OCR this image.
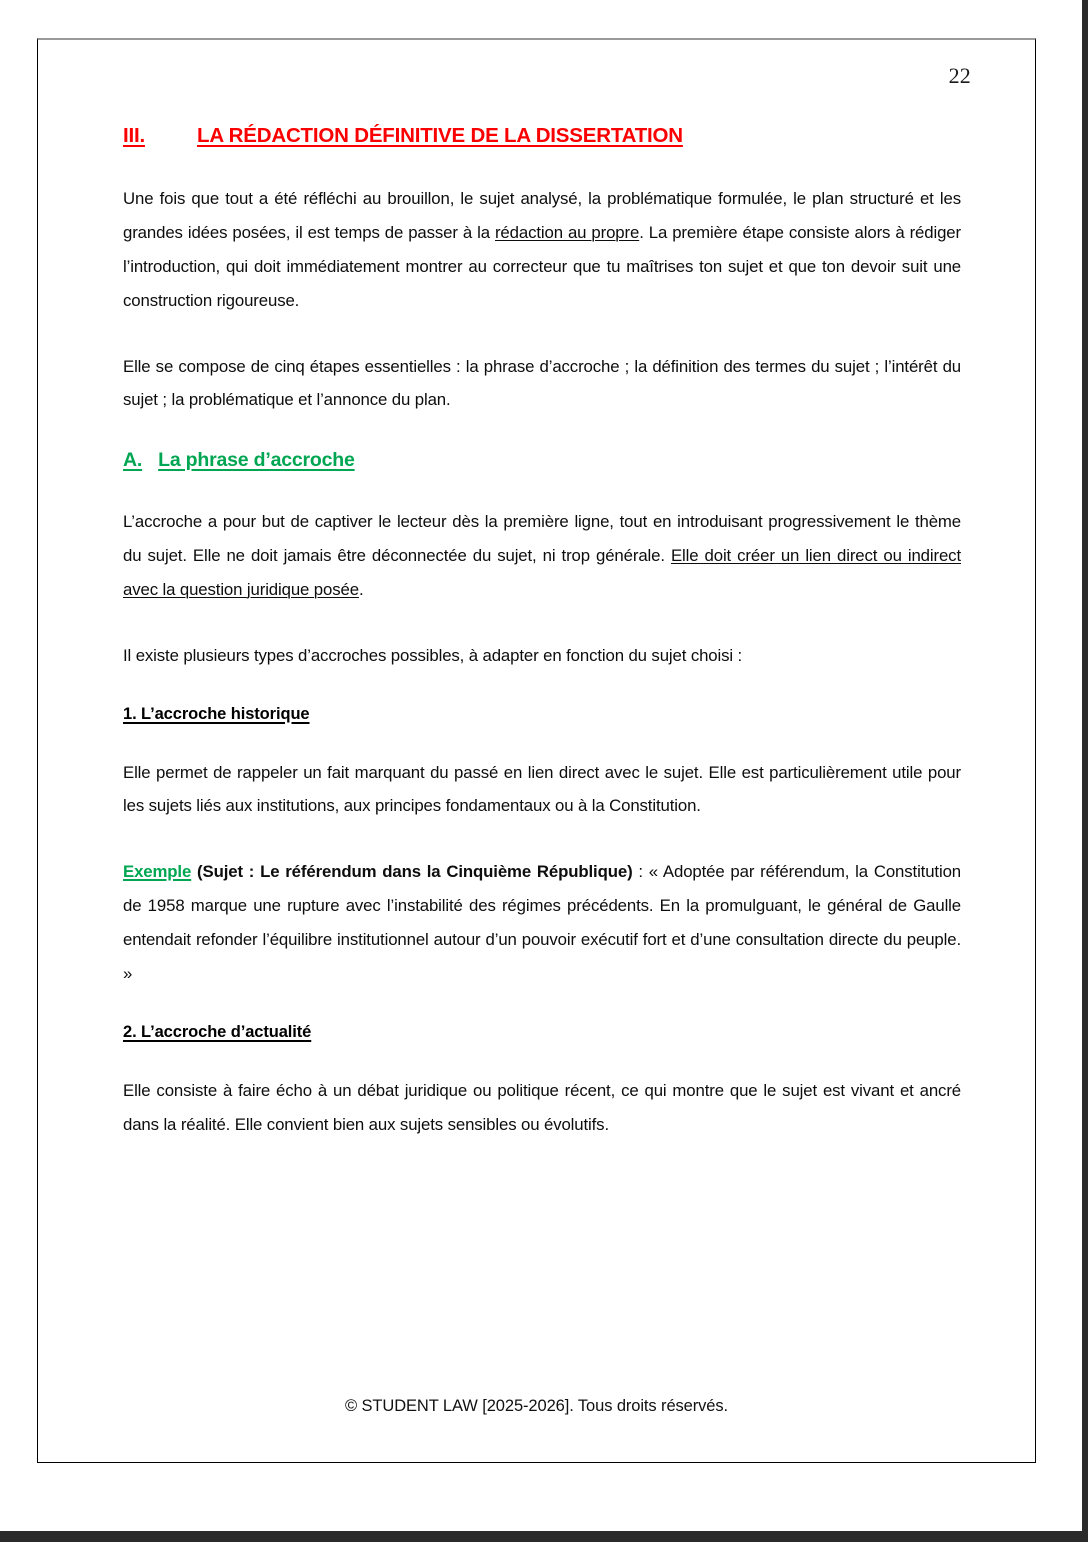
22
III.	LA RÉDACTION DÉFINITIVE DE LA DISSERTATION

Une fois que tout a été réfléchi au brouillon, le sujet analysé, la problématique formulée, le plan structuré et les grandes idées posées, il est temps de passer à la rédaction au propre. La première étape consiste alors à rédiger l’introduction, qui doit immédiatement montrer au correcteur que tu maîtrises ton sujet et que ton devoir suit une construction rigoureuse.

Elle se compose de cinq étapes essentielles : la phrase d’accroche ; la définition des termes du sujet ; l’intérêt du sujet ; la problématique et l’annonce du plan.

A. La phrase d’accroche

L’accroche a pour but de captiver le lecteur dès la première ligne, tout en introduisant progressivement le thème du sujet. Elle ne doit jamais être déconnectée du sujet, ni trop générale. Elle doit créer un lien direct ou indirect avec la question juridique posée.

Il existe plusieurs types d’accroches possibles, à adapter en fonction du sujet choisi :

1. L’accroche historique

Elle permet de rappeler un fait marquant du passé en lien direct avec le sujet. Elle est particulièrement utile pour les sujets liés aux institutions, aux principes fondamentaux ou à la Constitution.

Exemple (Sujet : Le référendum dans la Cinquième République) : « Adoptée par référendum, la Constitution de 1958 marque une rupture avec l’instabilité des régimes précédents. En la promulguant, le général de Gaulle entendait refonder l’équilibre institutionnel autour d’un pouvoir exécutif fort et d’une consultation directe du peuple. »

2. L’accroche d’actualité

Elle consiste à faire écho à un débat juridique ou politique récent, ce qui montre que le sujet est vivant et ancré dans la réalité. Elle convient bien aux sujets sensibles ou évolutifs.

© STUDENT LAW [2025-2026]. Tous droits réservés.
